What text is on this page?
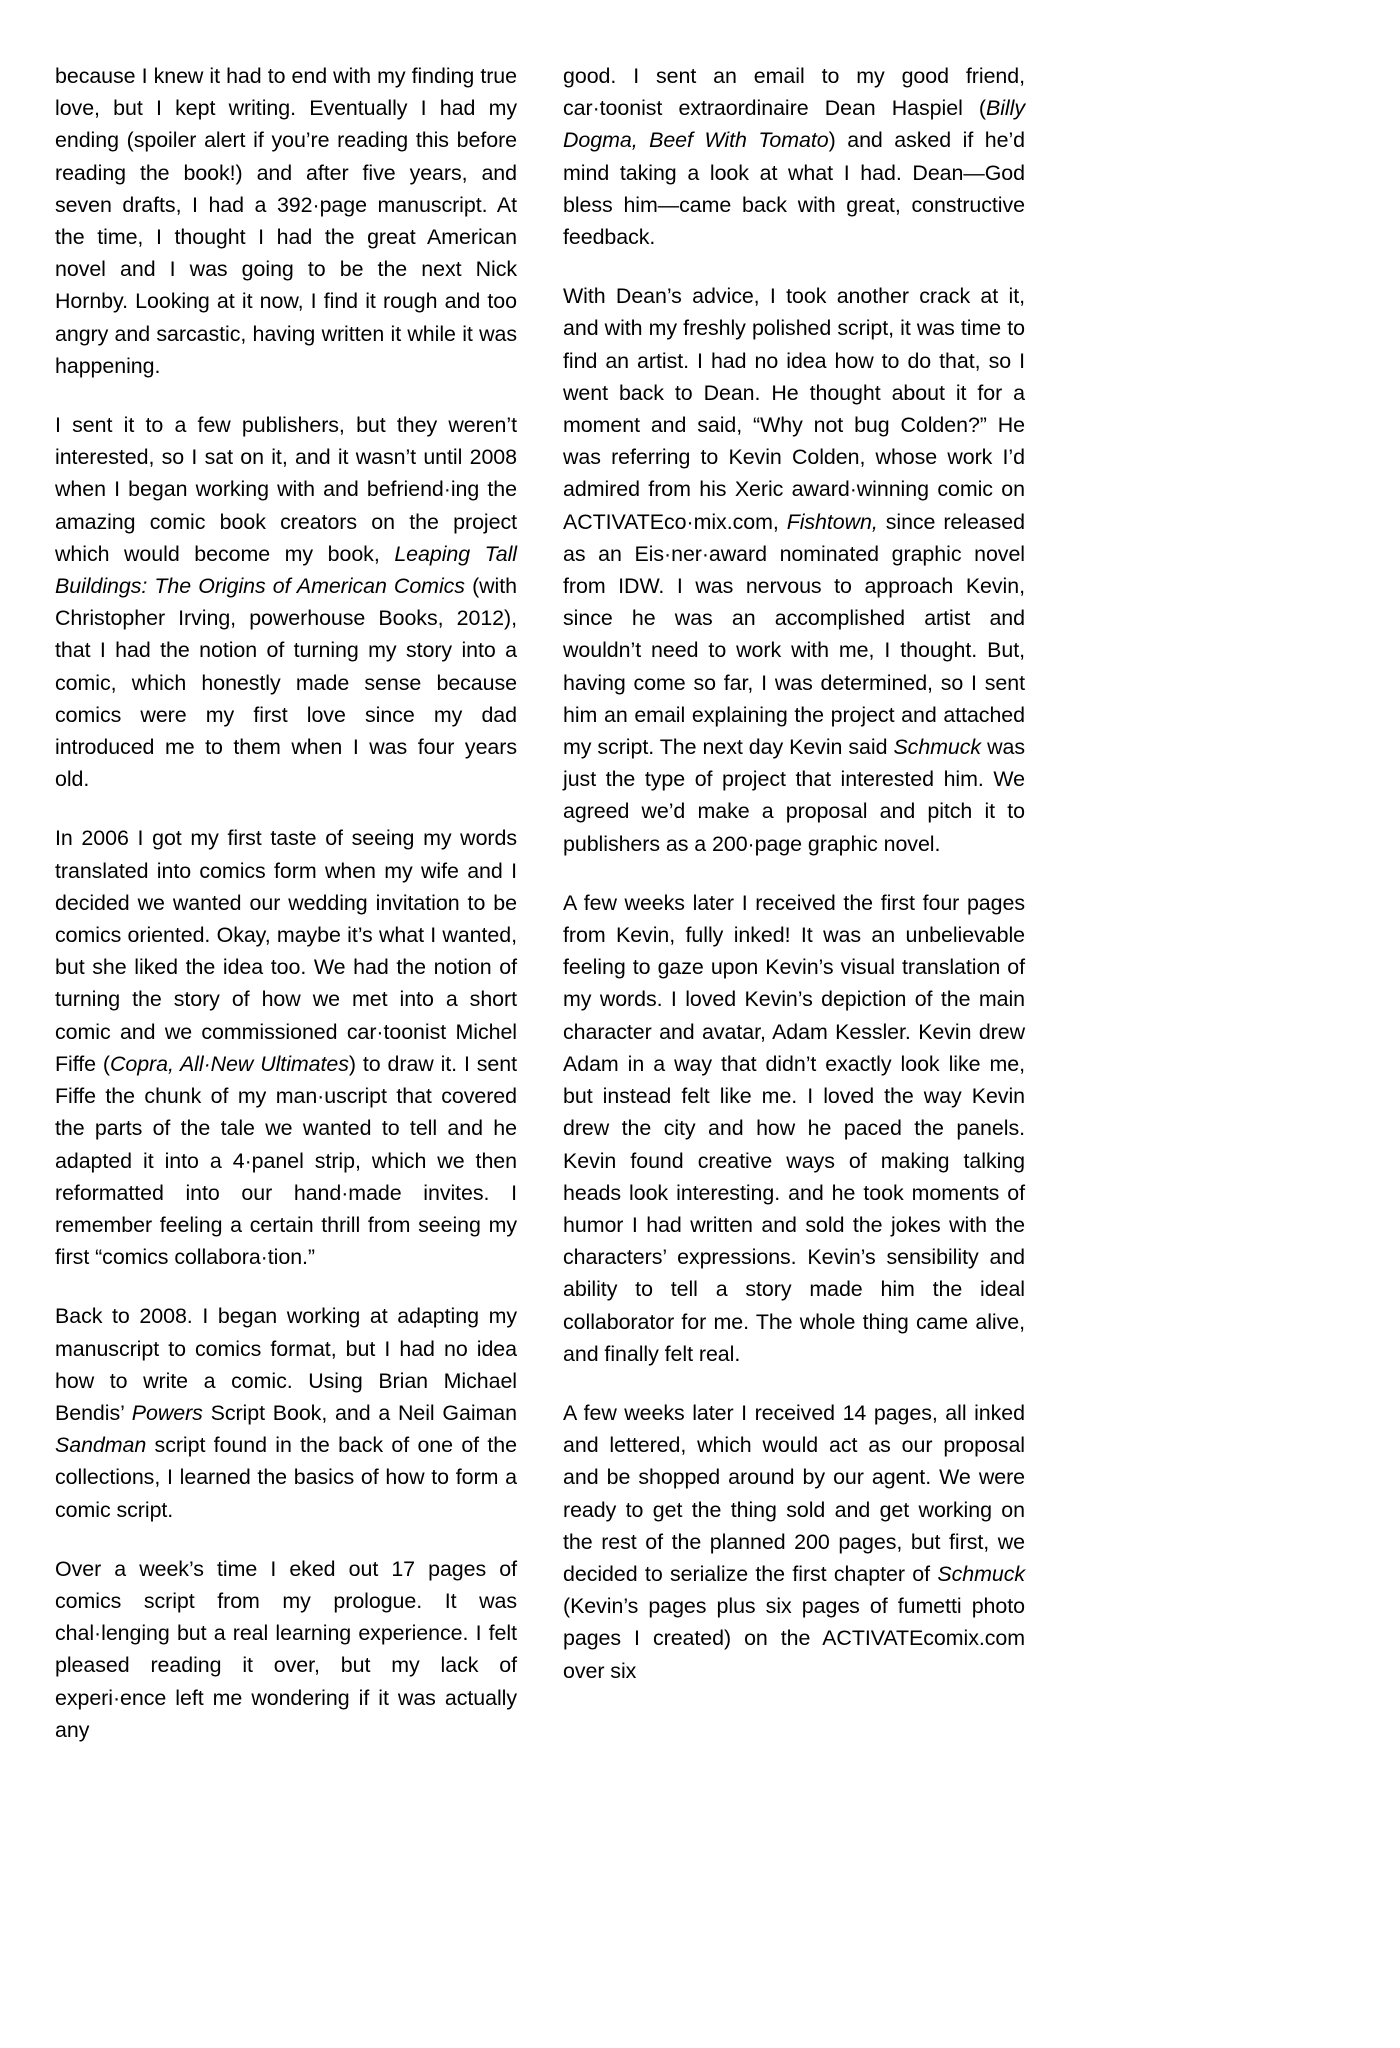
because I knew it had to end with my finding true love, but I kept writing. Eventually I had my ending (spoiler alert if you’re reading this before reading the book!) and after five years, and seven drafts, I had a 392·page manuscript. At the time, I thought I had the great American novel and I was going to be the next Nick Hornby. Looking at it now, I find it rough and too angry and sarcastic, having written it while it was happening.

I sent it to a few publishers, but they weren’t interested, so I sat on it, and it wasn’t until 2008 when I began working with and befriend·ing the amazing comic book creators on the project which would become my book, Leaping Tall Buildings: The Origins of American Comics (with Christopher Irving, powerhouse Books, 2012), that I had the notion of turning my story into a comic, which honestly made sense because comics were my first love since my dad introduced me to them when I was four years old.

In 2006 I got my first taste of seeing my words translated into comics form when my wife and I decided we wanted our wedding invitation to be comics oriented. Okay, maybe it’s what I wanted, but she liked the idea too. We had the notion of turning the story of how we met into a short comic and we commissioned car·toonist Michel Fiffe (Copra, All·New Ultimates) to draw it. I sent Fiffe the chunk of my man·uscript that covered the parts of the tale we wanted to tell and he adapted it into a 4·panel strip, which we then reformatted into our hand·made invites. I remember feeling a certain thrill from seeing my first “comics collabora·tion.”

Back to 2008. I began working at adapting my manuscript to comics format, but I had no idea how to write a comic. Using Brian Michael Bendis’ Powers Script Book, and a Neil Gaiman Sandman script found in the back of one of the collections, I learned the basics of how to form a comic script.

Over a week’s time I eked out 17 pages of comics script from my prologue. It was chal·lenging but a real learning experience. I felt pleased reading it over, but my lack of experi·ence left me wondering if it was actually any

good. I sent an email to my good friend, car·toonist extraordinaire Dean Haspiel (Billy Dogma, Beef With Tomato) and asked if he’d mind taking a look at what I had. Dean—God bless him—came back with great, constructive feedback.

With Dean’s advice, I took another crack at it, and with my freshly polished script, it was time to find an artist. I had no idea how to do that, so I went back to Dean. He thought about it for a moment and said, “Why not bug Colden?” He was referring to Kevin Colden, whose work I’d admired from his Xeric award·winning comic on ACTIVATEco·mix.com, Fishtown, since released as an Eis·ner·award nominated graphic novel from IDW. I was nervous to approach Kevin, since he was an accomplished artist and wouldn’t need to work with me, I thought. But, having come so far, I was determined, so I sent him an email explaining the project and attached my script. The next day Kevin said Schmuck was just the type of project that interested him. We agreed we’d make a proposal and pitch it to publishers as a 200·page graphic novel.

A few weeks later I received the first four pages from Kevin, fully inked! It was an unbelievable feeling to gaze upon Kevin’s visual translation of my words. I loved Kevin’s depiction of the main character and avatar, Adam Kessler. Kevin drew Adam in a way that didn’t exactly look like me, but instead felt like me. I loved the way Kevin drew the city and how he paced the panels. Kevin found creative ways of making talking heads look interesting. and he took moments of humor I had written and sold the jokes with the characters’ expressions. Kevin’s sensibility and ability to tell a story made him the ideal collaborator for me. The whole thing came alive, and finally felt real.

A few weeks later I received 14 pages, all inked and lettered, which would act as our proposal and be shopped around by our agent. We were ready to get the thing sold and get working on the rest of the planned 200 pages, but first, we decided to serialize the first chapter of Schmuck (Kevin’s pages plus six pages of fumetti photo pages I created) on the ACTIVATEcomix.com over six
